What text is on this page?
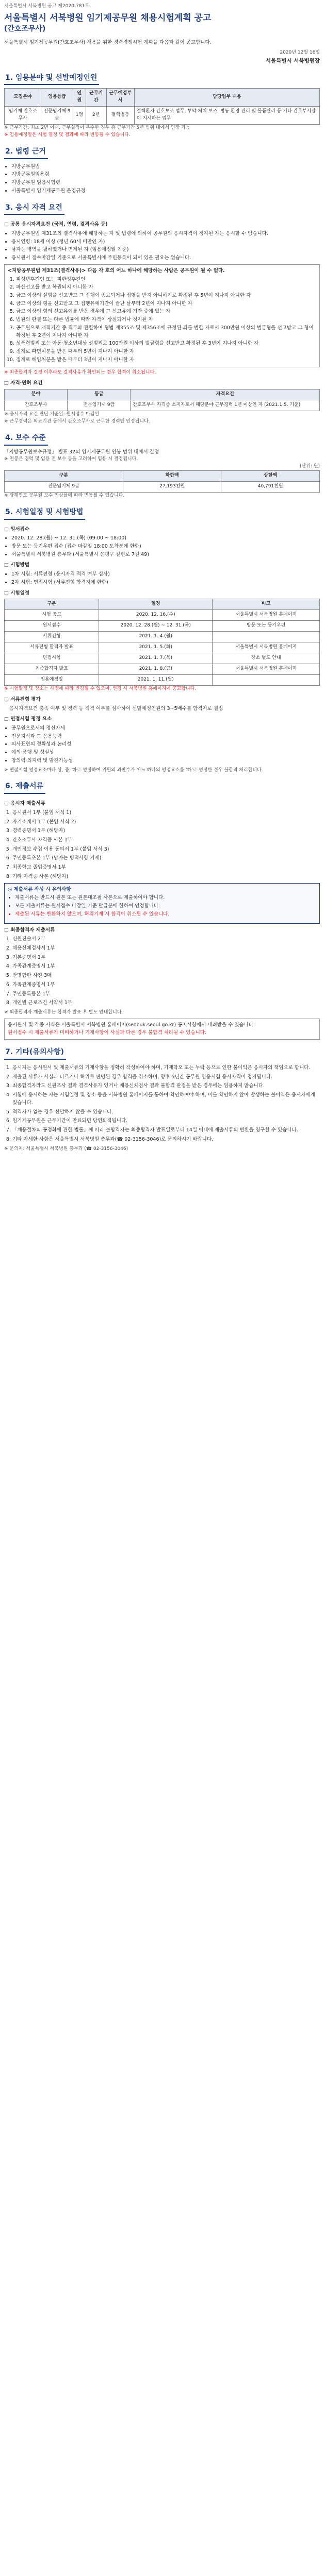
서울특별시 서북병원 공고 제2020-781호
서울특별시 서북병원 임기제공무원 채용시험계획 공고
(간호조무사)
서울특별시 임기제공무원(간호조무사) 채용을 위한 경력경쟁시험 계획을 다음과 같이 공고합니다.
2020년 12월 16일
서울특별시 서북병원장
1. 임용분야 및 선발예정인원
모집분야	임용등급	인원	근무기간	근무예정부서	담당업무 내용
임기제 간호조무사	전문임기제 9급	1명	2년	결핵병동	결핵환자 간호보조 업무, 투약·처치 보조, 병동 환경 관리 및 물품관리 등 기타 간호부서장이 지시하는 업무
※ 근무기간: 최초 2년 이내, 근무실적이 우수한 경우 총 근무기간 5년 범위 내에서 연장 가능
※ 임용예정일은 시험 일정 및 결과에 따라 변동될 수 있습니다.
2. 법령 근거
• 지방공무원법
• 지방공무원임용령
• 지방공무원 임용시험령
• 서울특별시 임기제공무원 운영규정
3. 응시 자격 요건
□ 공통 응시자격요건 (국적, 연령, 결격사유 등)
• 지방공무원법 제31조의 결격사유에 해당하는 자 및 법령에 의하여 공무원의 응시자격이 정지된 자는 응시할 수 없습니다.
• 응시연령: 18세 이상 (정년 60세 미만인 자)
• 남자는 병역을 필하였거나 면제된 자 (임용예정일 기준)
• 응시원서 접수마감일 기준으로 서울특별시에 주민등록이 되어 있을 필요는 없습니다.
<지방공무원법 제31조(결격사유)> 다음 각 호의 어느 하나에 해당하는 사람은 공무원이 될 수 없다.
1. 피성년후견인 또는 피한정후견인
2. 파산선고를 받고 복권되지 아니한 자
3. 금고 이상의 실형을 선고받고 그 집행이 종료되거나 집행을 받지 아니하기로 확정된 후 5년이 지나지 아니한 자
4. 금고 이상의 형을 선고받고 그 집행유예기간이 끝난 날부터 2년이 지나지 아니한 자
5. 금고 이상의 형의 선고유예를 받은 경우에 그 선고유예 기간 중에 있는 자
6. 법원의 판결 또는 다른 법률에 따라 자격이 상실되거나 정지된 자
7. 공무원으로 재직기간 중 직무와 관련하여 형법 제355조 및 제356조에 규정된 죄를 범한 자로서 300만원 이상의 벌금형을 선고받고 그 형이 확정된 후 2년이 지나지 아니한 자
8. 성폭력범죄 또는 아동·청소년대상 성범죄로 100만원 이상의 벌금형을 선고받고 확정된 후 3년이 지나지 아니한 자
9. 징계로 파면처분을 받은 때부터 5년이 지나지 아니한 자
10. 징계로 해임처분을 받은 때부터 3년이 지나지 아니한 자
※ 최종합격자 결정 이후라도 결격사유가 확인되는 경우 합격이 취소됩니다.
□ 자격·면허 요건
분야	등급	자격요건
간호조무사	전문임기제 9급	간호조무사 자격증 소지자로서 해당분야 근무경력 1년 이상인 자 (2021.1.5. 기준)
※ 응시자격 요건 판단 기준일: 원서접수 마감일
※ 근무경력은 의료기관 등에서 간호조무사로 근무한 경력만 인정됩니다.
4. 보수 수준
「지방공무원보수규정」 별표 32의 임기제공무원 연봉 범위 내에서 결정
※ 연봉은 경력 및 임용 전 보수 등을 고려하여 임용 시 결정됩니다.
(단위: 원)
구분	하한액	상한액
전문임기제 9급	27,193천원	40,791천원
※ 당해연도 공무원 보수 인상률에 따라 변동될 수 있습니다.
5. 시험일정 및 시험방법
□ 원서접수
• 2020. 12. 28.(월) ~ 12. 31.(목) (09:00 ~ 18:00)
• 방문 또는 등기우편 접수 (접수 마감일 18:00 도착분에 한함)
• 서울특별시 서북병원 총무과 (서울특별시 은평구 갈현로 7길 49)
□ 시험방법
• 1차 시험: 서류전형 (응시자격 적격 여부 심사)
• 2차 시험: 면접시험 (서류전형 합격자에 한함)
□ 시험일정
구분	일정	비고
시험 공고	2020. 12. 16.(수)	서울특별시 서북병원 홈페이지
원서접수	2020. 12. 28.(월) ~ 12. 31.(목)	방문 또는 등기우편
서류전형	2021. 1. 4.(월)	
서류전형 합격자 발표	2021. 1. 5.(화)	서울특별시 서북병원 홈페이지
면접시험	2021. 1. 7.(목)	장소 별도 안내
최종합격자 발표	2021. 1. 8.(금)	서울특별시 서북병원 홈페이지
임용예정일	2021. 1. 11.(월)	
※ 시험일정 및 장소는 사정에 따라 변경될 수 있으며, 변경 시 서북병원 홈페이지에 공고합니다.
□ 서류전형 평가
응시자격요건 충족 여부 및 경력 등 적격 여부를 심사하여 선발예정인원의 3~5배수를 합격자로 결정
□ 면접시험 평정 요소
• 공무원으로서의 정신자세
• 전문지식과 그 응용능력
• 의사표현의 정확성과 논리성
• 예의·품행 및 성실성
• 창의력·의지력 및 발전가능성
※ 면접시험 평정요소마다 상, 중, 하로 평정하여 위원의 과반수가 어느 하나의 평정요소를 '하'로 평정한 경우 불합격 처리합니다.
6. 제출서류
□ 응시자 제출서류
1. 응시원서 1부 (붙임 서식 1)
2. 자기소개서 1부 (붙임 서식 2)
3. 경력증명서 1부 (해당자)
4. 간호조무사 자격증 사본 1부
5. 개인정보 수집·이용 동의서 1부 (붙임 서식 3)
6. 주민등록초본 1부 (남자는 병적사항 기재)
7. 최종학교 졸업증명서 1부
8. 기타 자격증 사본 (해당자)
◎ 제출서류 작성 시 유의사항
• 제출서류는 반드시 원본 또는 원본대조필 사본으로 제출하여야 합니다.
• 모든 제출서류는 원서접수 마감일 기준 발급분에 한하여 인정합니다.
• 제출된 서류는 반환하지 않으며, 허위기재 시 합격이 취소될 수 있습니다.
□ 최종합격자 제출서류
1. 신원진술서 2부
2. 채용신체검사서 1부
3. 기본증명서 1부
4. 가족관계증명서 1부
5. 반명함판 사진 3매
6. 가족관계증명서 1부
7. 주민등록등본 1부
8. 개인별 근로조건 서약서 1부
※ 최종합격자 제출서류는 합격자 발표 후 별도 안내합니다.
응시원서 및 각종 서식은 서울특별시 서북병원 홈페이지(seobuk.seoul.go.kr) 공지사항에서 내려받을 수 있습니다.
원서접수 시 제출서류가 미비하거나 기재사항이 사실과 다른 경우 불합격 처리될 수 있습니다.
7. 기타(유의사항)
1. 응시자는 응시원서 및 제출서류의 기재사항을 정확히 작성하여야 하며, 기재착오 또는 누락 등으로 인한 불이익은 응시자의 책임으로 합니다.
2. 제출된 서류가 사실과 다르거나 허위로 판명된 경우 합격을 취소하며, 향후 5년간 공무원 임용시험 응시자격이 정지됩니다.
3. 최종합격자라도 신원조사 결과 결격사유가 있거나 채용신체검사 결과 불합격 판정을 받은 경우에는 임용하지 않습니다.
4. 시험에 응시하는 자는 시험일정 및 장소 등을 서북병원 홈페이지를 통하여 확인하여야 하며, 이를 확인하지 않아 발생하는 불이익은 응시자에게 있습니다.
5. 적격자가 없는 경우 선발하지 않을 수 있습니다.
6. 임기제공무원은 근무기간이 만료되면 당연퇴직됩니다.
7. 「채용절차의 공정화에 관한 법률」에 따라 불합격자는 최종합격자 발표일로부터 14일 이내에 제출서류의 반환을 청구할 수 있습니다.
8. 기타 자세한 사항은 서울특별시 서북병원 총무과(☎ 02-3156-3046)로 문의하시기 바랍니다.
※ 문의처: 서울특별시 서북병원 총무과 (☎ 02-3156-3046)
